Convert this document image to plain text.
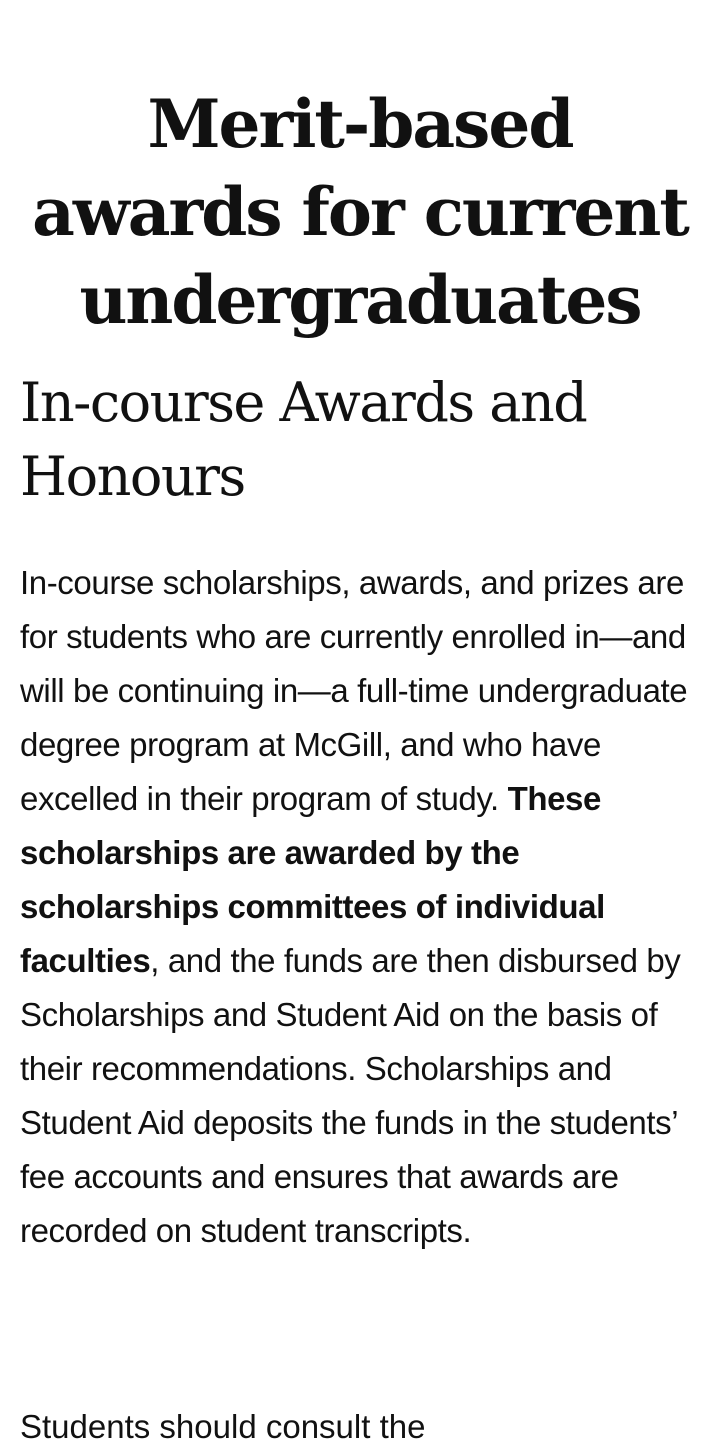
Merit-based awards for current undergraduates
In-course Awards and Honours

In-course scholarships, awards, and prizes are for students who are currently enrolled in—and will be continuing in—a full-time undergraduate degree program at McGill, and who have excelled in their program of study. These scholarships are awarded by the scholarships committees of individual faculties, and the funds are then disbursed by Scholarships and Student Aid on the basis of their recommendations. Scholarships and Student Aid deposits the funds in the students’ fee accounts and ensures that awards are recorded on student transcripts.

Students should consult the
